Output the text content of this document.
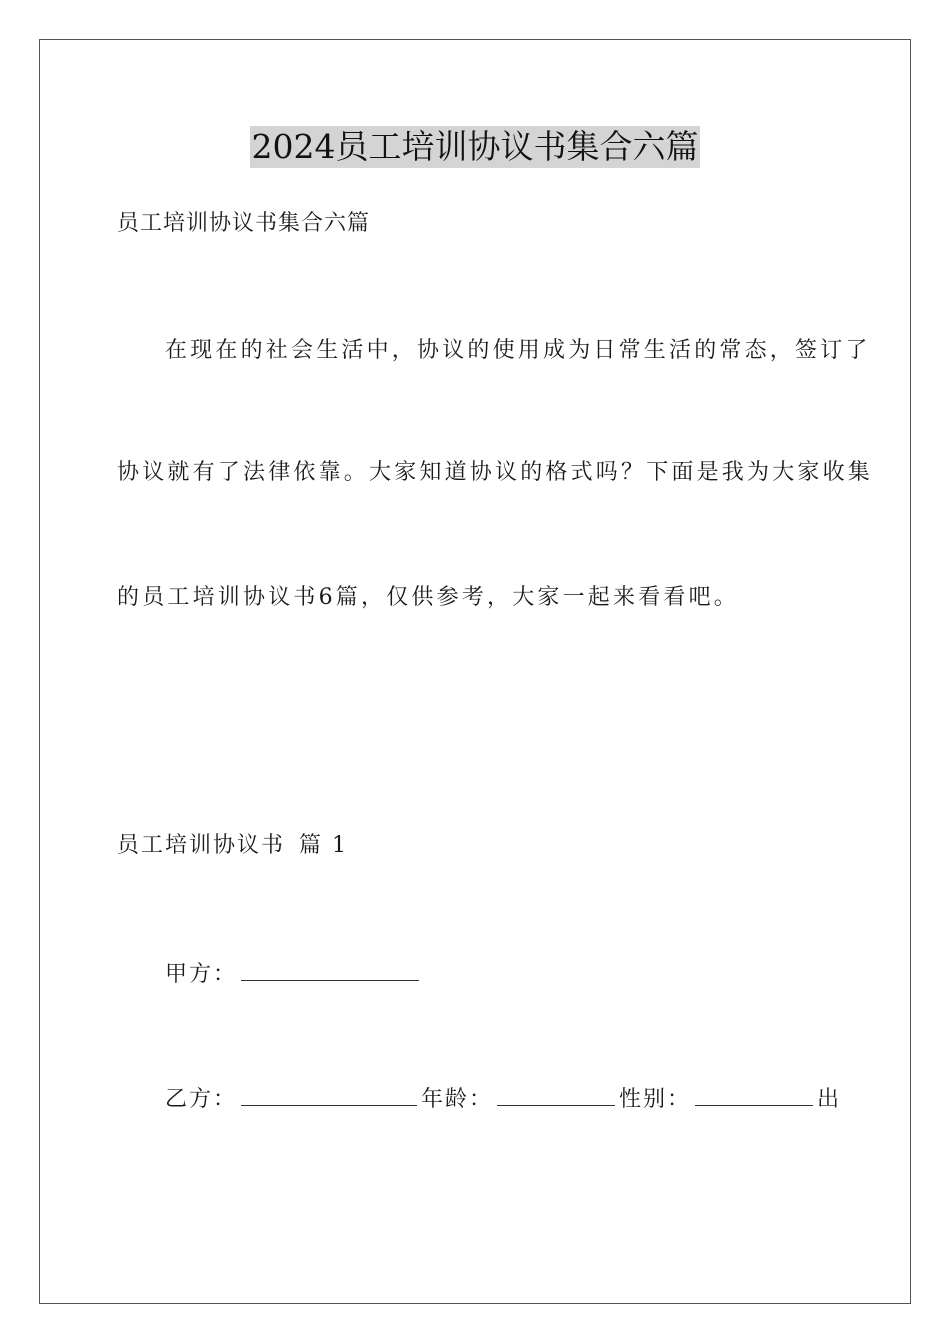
2024员工培训协议书集合六篇
员工培训协议书集合六篇
在现在的社会生活中，协议的使用成为日常生活的常态，签订了
协议就有了法律依靠。大家知道协议的格式吗？下面是我为大家收集
的员工培训协议书6篇，仅供参考，大家一起来看看吧。
员工培训协议书 篇 1
甲方：
乙方：	年龄：	性别：	出
